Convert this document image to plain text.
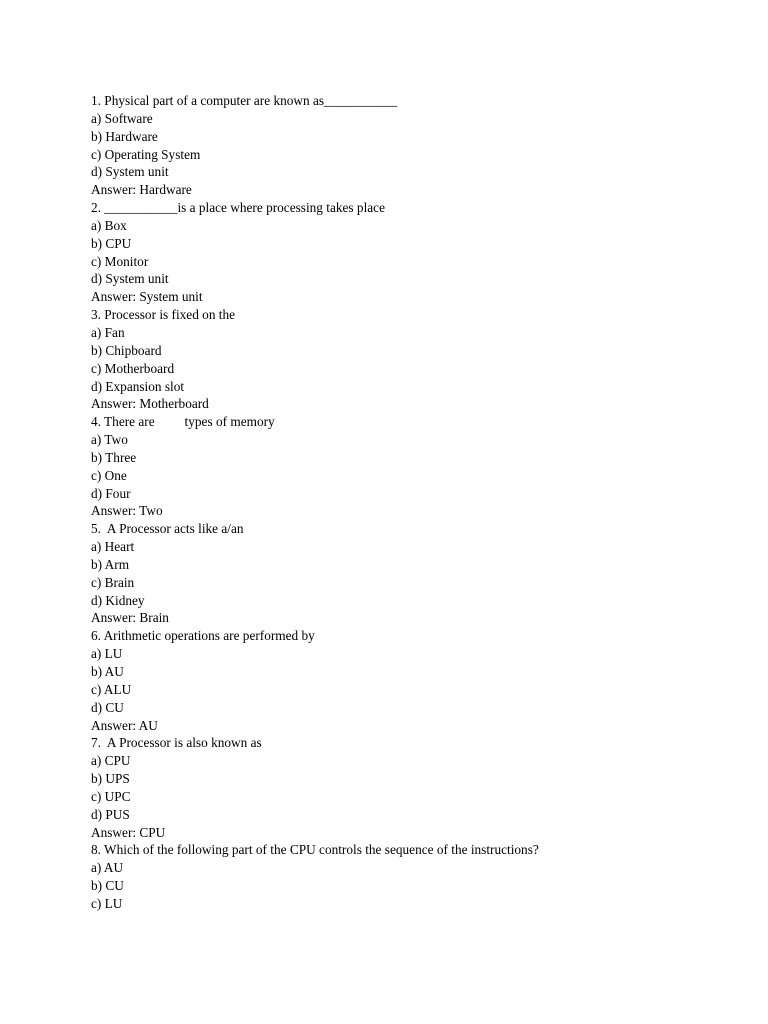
1. Physical part of a computer are known as___________
a) Software
b) Hardware
c) Operating System
d) System unit
Answer: Hardware
2. ___________is a place where processing takes place
a) Box
b) CPU
c) Monitor
d) System unit
Answer: System unit
3. Processor is fixed on the
a) Fan
b) Chipboard
c) Motherboard
d) Expansion slot
Answer: Motherboard
4. There are         types of memory
a) Two
b) Three
c) One
d) Four
Answer: Two
5.  A Processor acts like a/an
a) Heart
b) Arm
c) Brain
d) Kidney
Answer: Brain
6. Arithmetic operations are performed by
a) LU
b) AU
c) ALU
d) CU
Answer: AU
7.  A Processor is also known as
a) CPU
b) UPS
c) UPC
d) PUS
Answer: CPU
8. Which of the following part of the CPU controls the sequence of the instructions?
a) AU
b) CU
c) LU
